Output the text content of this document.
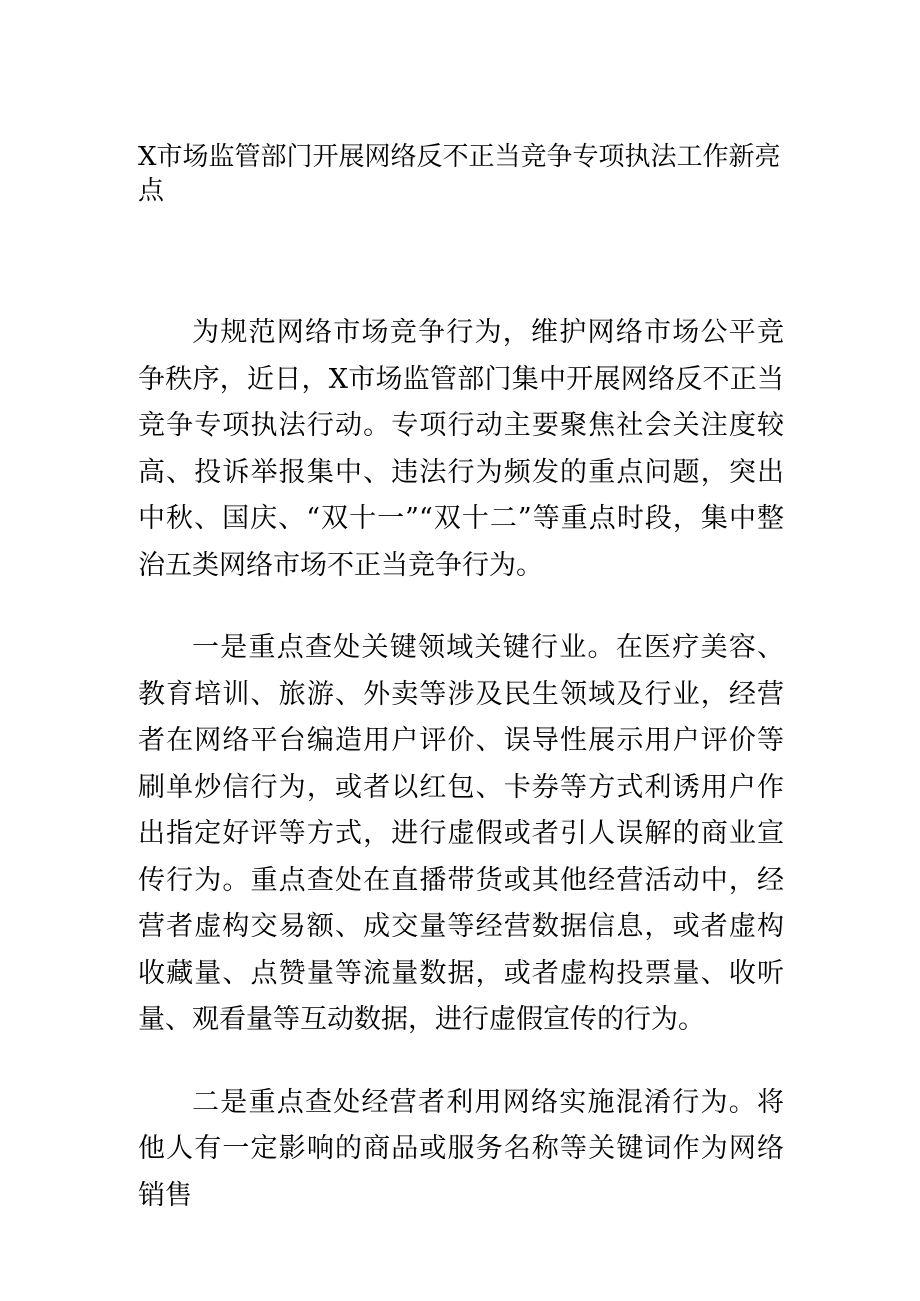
X市场监管部门开展网络反不正当竞争专项执法工作新亮点

为规范网络市场竞争行为，维护网络市场公平竞争秩序，近日，X市场监管部门集中开展网络反不正当竞争专项执法行动。专项行动主要聚焦社会关注度较高、投诉举报集中、违法行为频发的重点问题，突出中秋、国庆、“双十一”“双十二”等重点时段，集中整治五类网络市场不正当竞争行为。

一是重点查处关键领域关键行业。在医疗美容、教育培训、旅游、外卖等涉及民生领域及行业，经营者在网络平台编造用户评价、误导性展示用户评价等刷单炒信行为，或者以红包、卡券等方式利诱用户作出指定好评等方式，进行虚假或者引人误解的商业宣传行为。重点查处在直播带货或其他经营活动中，经营者虚构交易额、成交量等经营数据信息，或者虚构收藏量、点赞量等流量数据，或者虚构投票量、收听量、观看量等互动数据，进行虚假宣传的行为。

二是重点查处经营者利用网络实施混淆行为。将他人有一定影响的商品或服务名称等关键词作为网络销售
